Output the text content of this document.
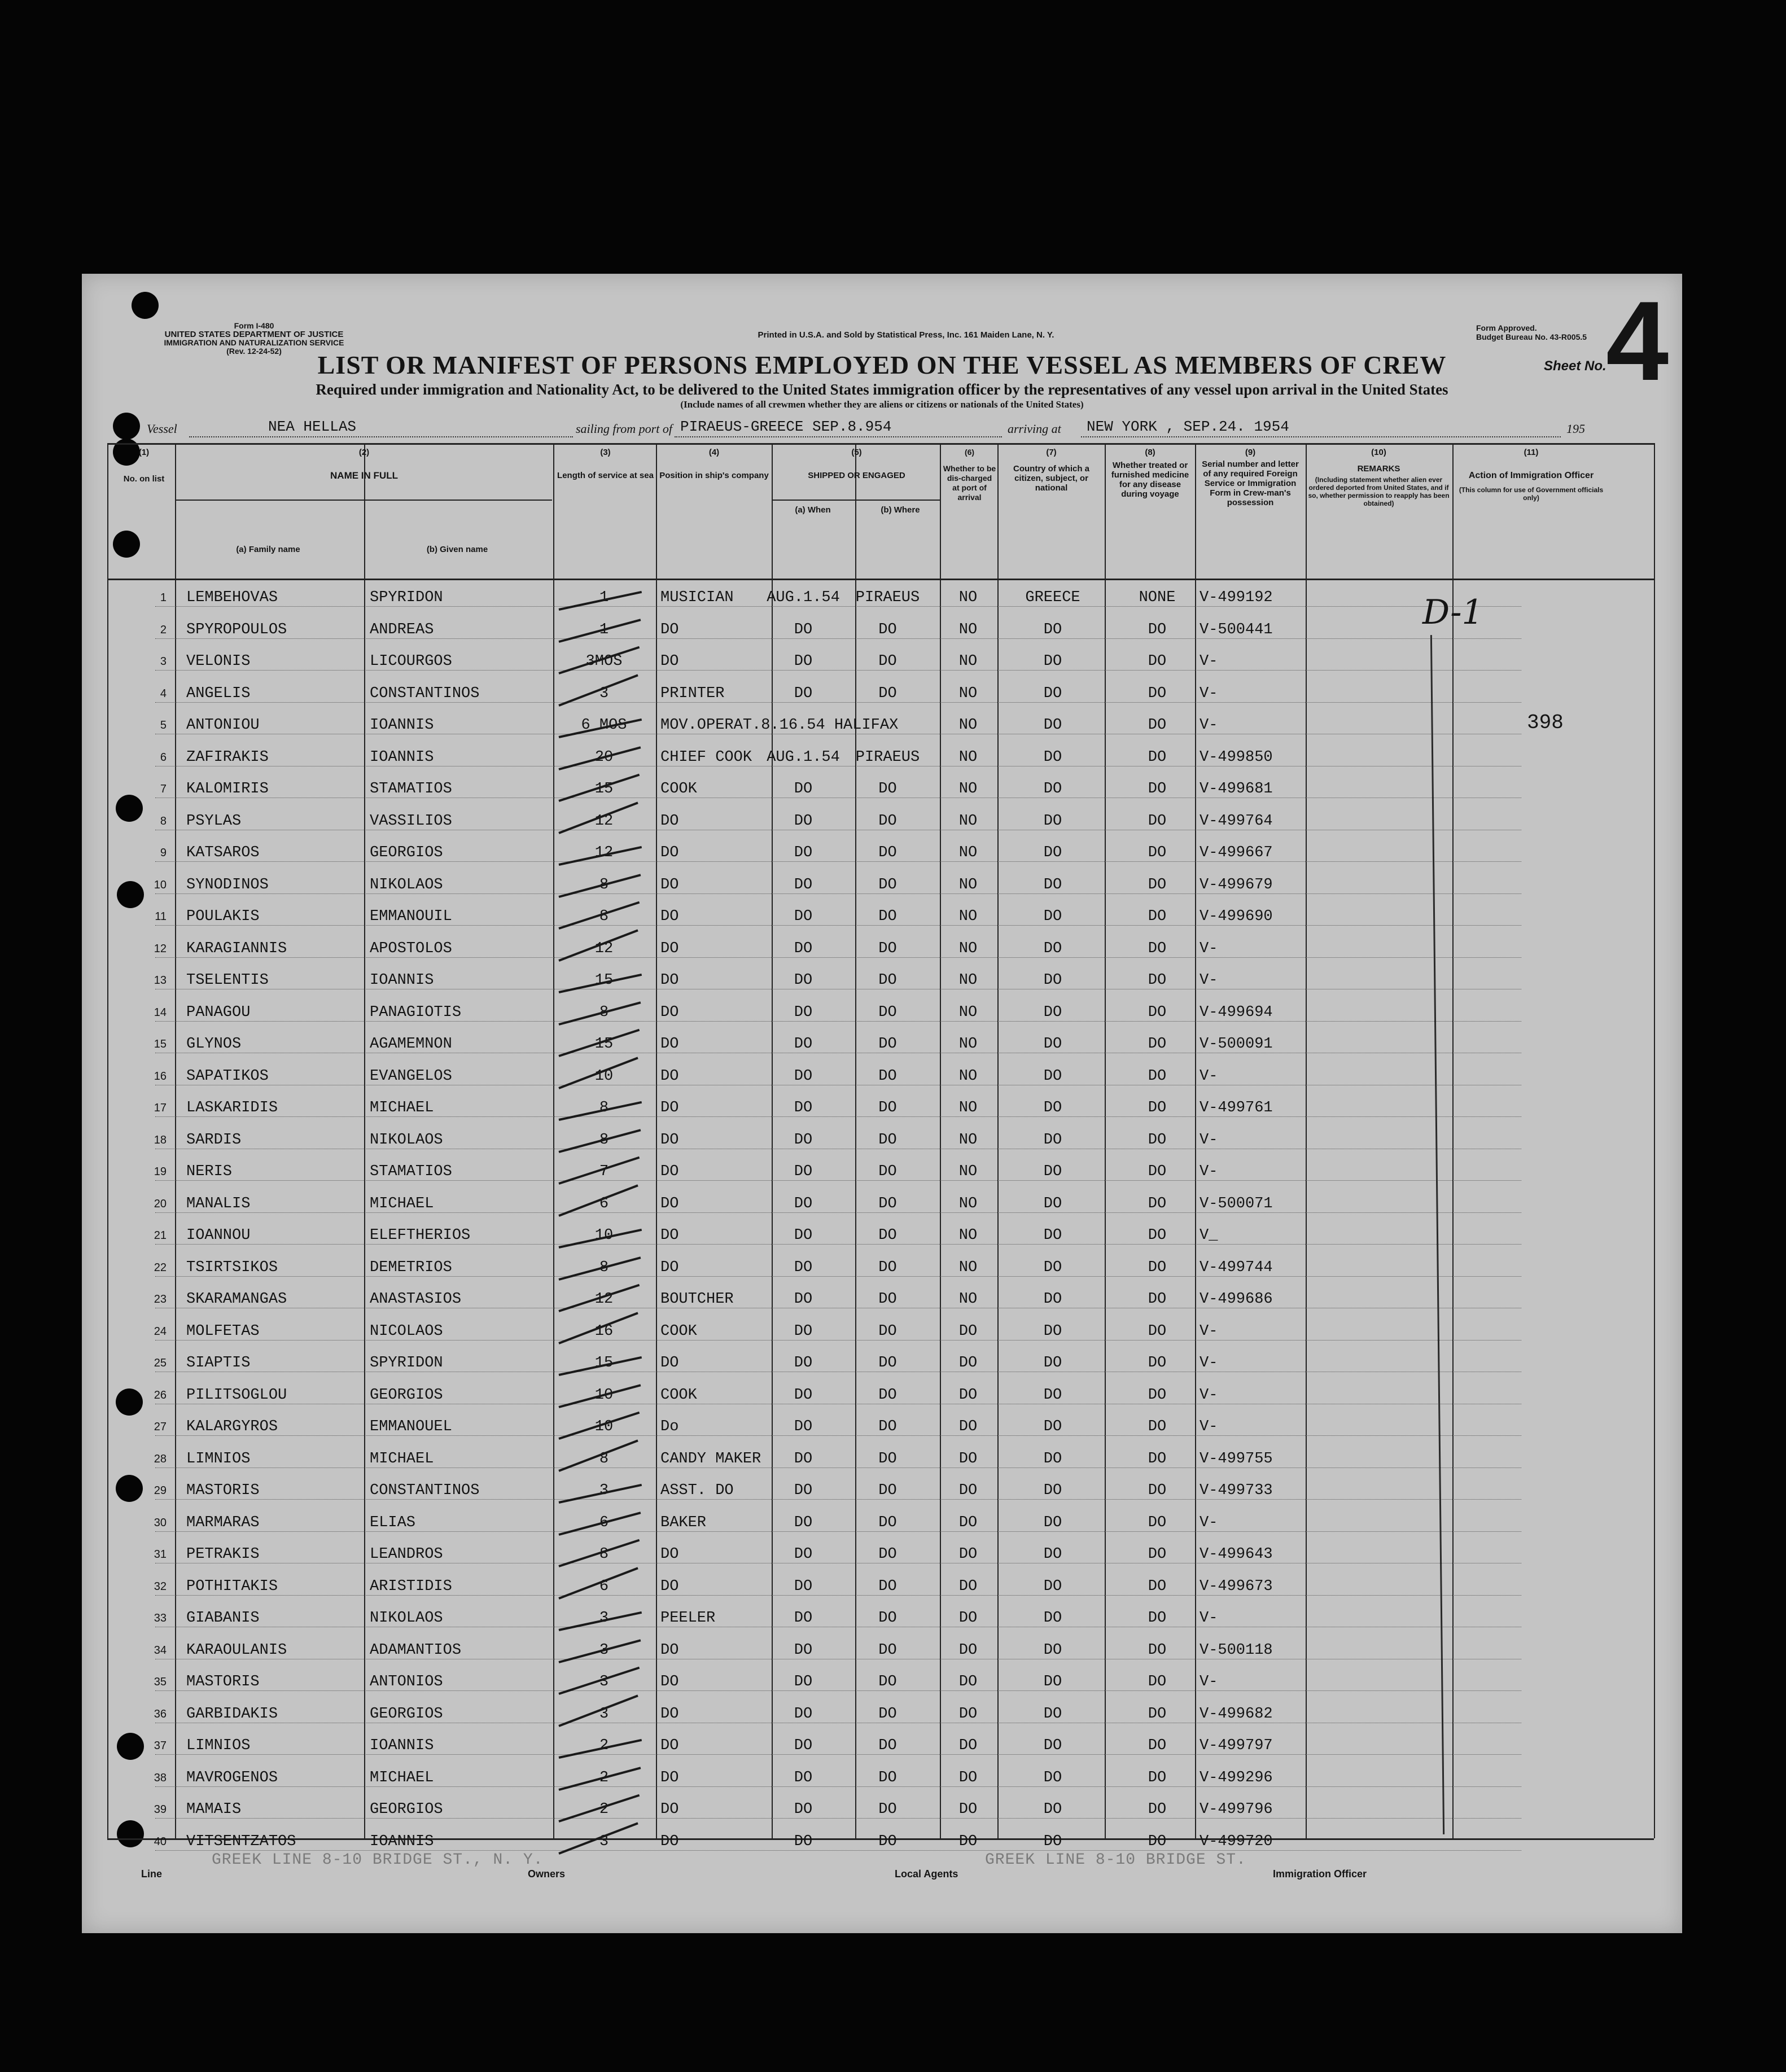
Form I-480
UNITED STATES DEPARTMENT OF JUSTICE
IMMIGRATION AND NATURALIZATION SERVICE
(Rev. 12-24-52)
Printed in U.S.A. and Sold by Statistical Press, Inc. 161 Maiden Lane, N. Y.
Form Approved.
Budget Bureau No. 43-R005.5
Sheet No. 4
LIST OR MANIFEST OF PERSONS EMPLOYED ON THE VESSEL AS MEMBERS OF CREW
Required under immigration and Nationality Act, to be delivered to the United States immigration officer by the representatives of any vessel upon arrival in the United States
(Include names of all crewmen whether they are aliens or citizens or nationals of the United States)
Vessel	NEA HELLAS	sailing from port of PIRAEUS-GREECE SEP.8.954	arriving at NEW YORK , SEP.24. 1954	195
(1)
No. on list
(2)
NAME IN FULL
(a) Family name	(b) Given name
(3)
Length of service at sea
(4)
Position in ship's company
(5)
SHIPPED OR ENGAGED
(a) When	(b) Where
(6)
Whether to be dis-charged at port of arrival
(7)
Country of which a citizen, subject, or national
(8)
Whether treated or furnished medicine for any disease during voyage
(9)
Serial number and letter of any required Foreign Service or Immigration Form in Crew-man's possession
(10)
REMARKS
(Including statement whether alien ever ordered deported from United States, and if so, whether permission to reapply has been obtained)
(11)
Action of Immigration Officer
(This column for use of Government officials only)
1 LEMBEHOVAS	SPYRIDON	1	MUSICIAN AUG.1.54	PIRAEUS	NO	GREECE	NONE	V-499192
2 SPYROPOULOS	ANDREAS	1	DO	DO	DO	NO	DO	DO	V-500441
3 VELONIS	LICOURGOS	3MOS	DO	DO	DO	NO	DO	DO	V-
4 ANGELIS	CONSTANTINOS	3	PRINTER	DO	DO	NO	DO	DO	V-
5 ANTONIOU	IOANNIS	6 MOS	MOV.OPERAT.8.16.54 HALIFAX	NO	DO	DO	V-
6 ZAFIRAKIS	IOANNIS	20	CHIEF COOK AUG.1.54	PIRAEUS	NO	DO	DO	V-499850
7 KALOMIRIS	STAMATIOS	15	COOK	DO	DO	NO	DO	DO	V-499681
8 PSYLAS	VASSILIOS	12	DO	DO	DO	NO	DO	DO	V-499764
9 KATSAROS	GEORGIOS	12	DO	DO	DO	NO	DO	DO	V-499667
10 SYNODINOS	NIKOLAOS	8	DO	DO	DO	NO	DO	DO	V-499679
11 POULAKIS	EMMANOUIL	8	DO	DO	DO	NO	DO	DO	V-499690
12 KARAGIANNIS	APOSTOLOS	12	DO	DO	DO	NO	DO	DO	V-
13 TSELENTIS	IOANNIS	15	DO	DO	DO	NO	DO	DO	V-
14 PANAGOU	PANAGIOTIS	8	DO	DO	DO	NO	DO	DO	V-499694
15 GLYNOS	AGAMEMNON	15	DO	DO	DO	NO	DO	DO	V-500091
16 SAPATIKOS	EVANGELOS	10	DO	DO	DO	NO	DO	DO	V-
17 LASKARIDIS	MICHAEL	8	DO	DO	DO	NO	DO	DO	V-499761
18 SARDIS	NIKOLAOS	8	DO	DO	DO	NO	DO	DO	V-
19 NERIS	STAMATIOS	7	DO	DO	DO	NO	DO	DO	V-
20 MANALIS	MICHAEL	6	DO	DO	DO	NO	DO	DO	V-500071
21 IOANNOU	ELEFTHERIOS	10	DO	DO	DO	NO	DO	DO	V_
22 TSIRTSIKOS	DEMETRIOS	8	DO	DO	DO	NO	DO	DO	V-499744
23 SKARAMANGAS	ANASTASIOS	12	BOUTCHER	DO	DO	NO	DO	DO	V-499686
24 MOLFETAS	NICOLAOS	16	COOK	DO	DO	DO	DO	DO	V-
25 SIAPTIS	SPYRIDON	15	DO	DO	DO	DO	DO	DO	V-
26 PILITSOGLOU	GEORGIOS	10	COOK	DO	DO	DO	DO	DO	V-
27 KALARGYROS	EMMANOUEL	10	Do	DO	DO	DO	DO	DO	V-
28 LIMNIOS	MICHAEL	8	CANDY MAKER	DO	DO	DO	DO	DO	V-499755
29 MASTORIS	CONSTANTINOS	3	ASST. DO	DO	DO	DO	DO	DO	V-499733
30 MARMARAS	ELIAS	6	BAKER	DO	DO	DO	DO	DO	V-
31 PETRAKIS	LEANDROS	8	DO	DO	DO	DO	DO	DO	V-499643
32 POTHITAKIS	ARISTIDIS	6	DO	DO	DO	DO	DO	DO	V-499673
33 GIABANIS	NIKOLAOS	3	PEELER	DO	DO	DO	DO	DO	V-
34 KARAOULANIS	ADAMANTIOS	3	DO	DO	DO	DO	DO	DO	V-500118
35 MASTORIS	ANTONIOS	3	DO	DO	DO	DO	DO	DO	V-
36 GARBIDAKIS	GEORGIOS	3	DO	DO	DO	DO	DO	DO	V-499682
37 LIMNIOS	IOANNIS	2	DO	DO	DO	DO	DO	DO	V-499797
38 MAVROGENOS	MICHAEL	2	DO	DO	DO	DO	DO	DO	V-499296
39 MAMAIS	GEORGIOS	2	DO	DO	DO	DO	DO	DO	V-499796
40 VITSENTZATOS	IOANNIS	3	DO	DO	DO	DO	DO	DO	V-499720
D-1
398
Line
GREEK LINE 8-10 BRIDGE ST., N. Y.
Owners	Local Agents
GREEK LINE 8-10 BRIDGE ST.
Immigration Officer
